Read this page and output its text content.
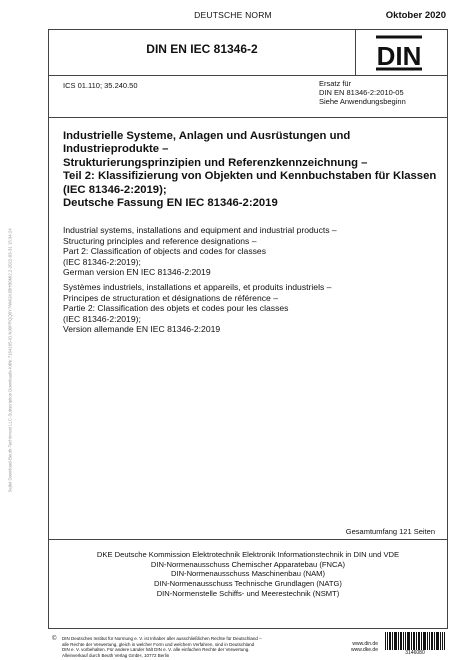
DEUTSCHE NORM	Oktober 2020
Sejlet Download-Beuth-Techinvest LLC-Subscription Downloads-KdNr.7164165-ID.NJ0PRQQ0Y7NMGKJBHB0MI2.2-2022-03-31 15:34:24
DIN EN IEC 81346-2	DIN
ICS 01.110; 35.240.50	Ersatz für
DIN EN 81346-2:2010-05
Siehe Anwendungsbeginn
Industrielle Systeme, Anlagen und Ausrüstungen und
Industrieprodukte –
Strukturierungsprinzipien und Referenzkennzeichnung –
Teil 2: Klassifizierung von Objekten und Kennbuchstaben für Klassen
(IEC 81346-2:2019);
Deutsche Fassung EN IEC 81346-2:2019
Industrial systems, installations and equipment and industrial products –
Structuring principles and reference designations –
Part 2: Classification of objects and codes for classes
(IEC 81346-2:2019);
German version EN IEC 81346-2:2019
Systèmes industriels, installations et appareils, et produits industriels –
Principes de structuration et désignations de référence –
Partie 2: Classification des objets et codes pour les classes
(IEC 81346-2:2019);
Version allemande EN IEC 81346-2:2019
Gesamtumfang 121 Seiten
DKE Deutsche Kommission Elektrotechnik Elektronik Informationstechnik in DIN und VDE
DIN-Normenausschuss Chemischer Apparatebau (FNCA)
DIN-Normenausschuss Maschinenbau (NAM)
DIN-Normenausschuss Technische Grundlagen (NATG)
DIN-Normenstelle Schiffs- und Meerestechnik (NSMT)
© DIN Deutsches Institut für Normung e. V. ist Inhaber aller ausschließlichen Rechte für Deutschland –
alle Rechte der Verwertung, gleich in welcher Form und welchem Verfahren, sind in Deutschland
DIN e. V. vorbehalten. Für andere Länder hält DIN e. V. alle einfachen Rechte der Verwertung.
Alleinverkauf durch Beuth Verlag GmbH, 10772 Berlin
www.din.de
www.dke.de	3146080
